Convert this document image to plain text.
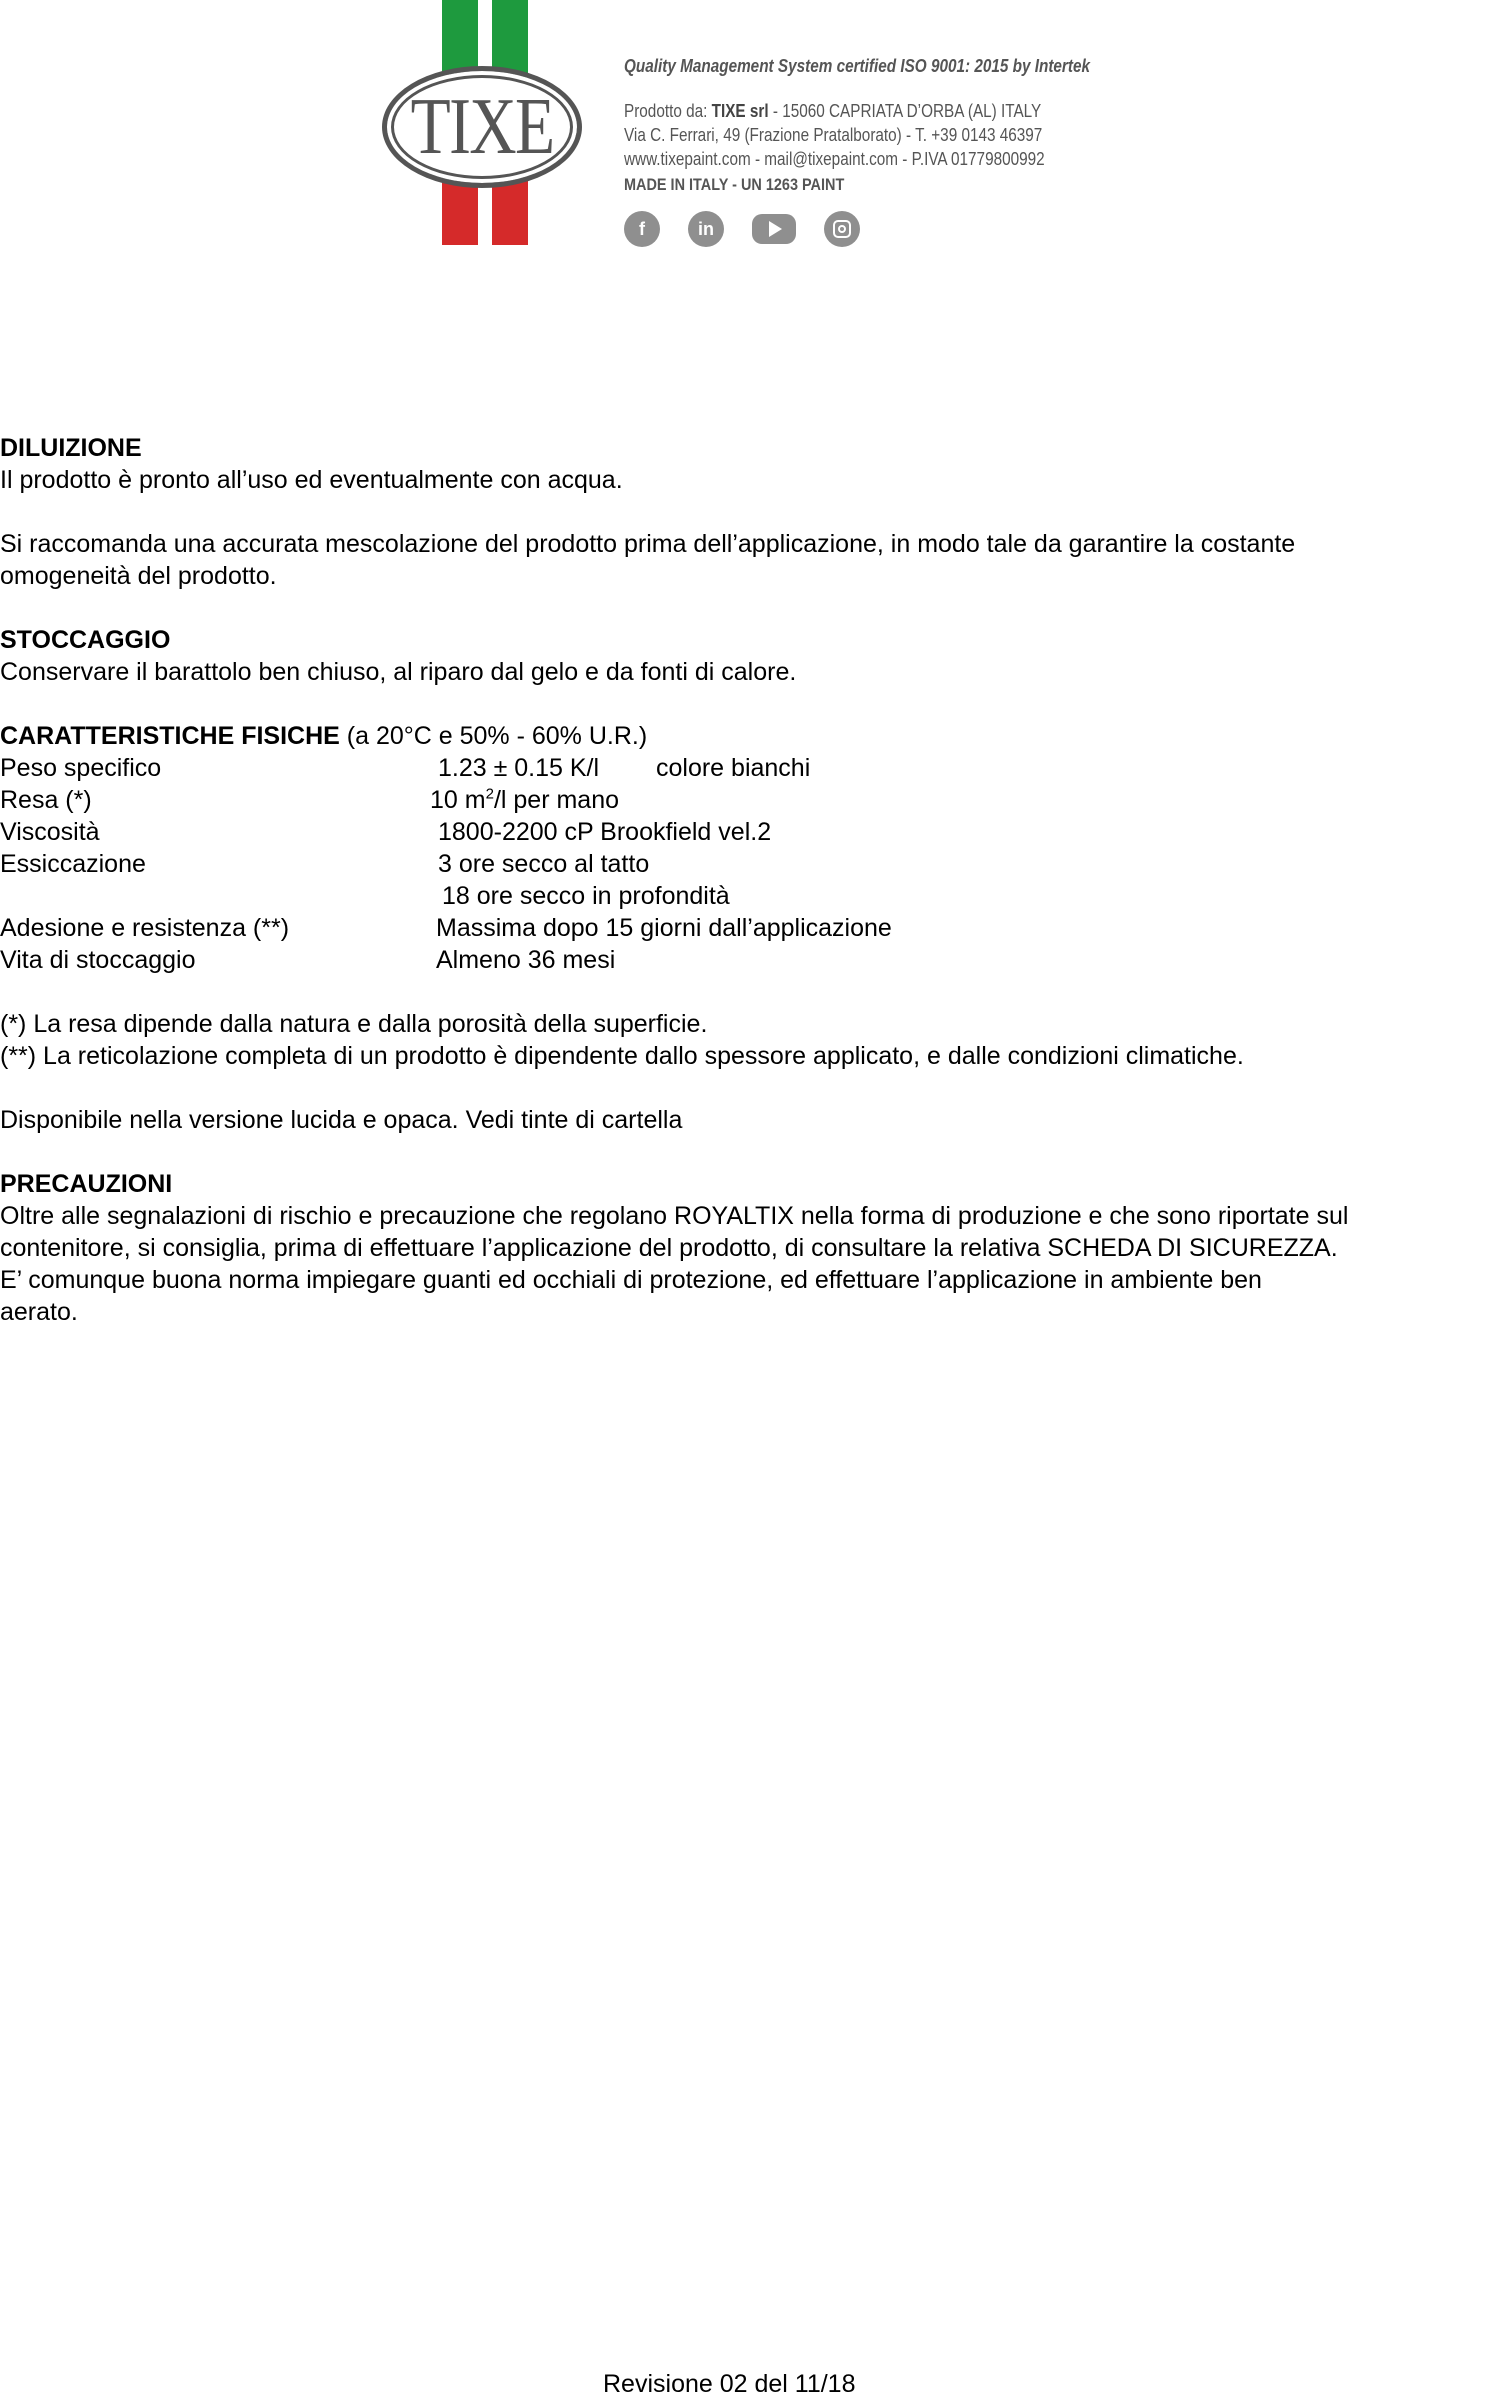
TIXE
Quality Management System certified ISO 9001: 2015 by Intertek
Prodotto da: TIXE srl - 15060 CAPRIATA D’ORBA (AL) ITALY
Via C. Ferrari, 49 (Frazione Pratalborato) - T. +39 0143 46397
www.tixepaint.com - mail@tixepaint.com - P.IVA 01779800992
MADE IN ITALY - UN 1263 PAINT
f	in

DILUIZIONE

Il prodotto è pronto all’uso ed eventualmente con acqua.

Si raccomanda una accurata mescolazione del prodotto prima dell’applicazione, in modo tale da garantire la costante

omogeneità del prodotto.

STOCCAGGIO

Conservare il barattolo ben chiuso, al riparo dal gelo e da fonti di calore.

CARATTERISTICHE FISICHE (a 20°C e 50% - 60% U.R.)

Peso specifico	1.23 ± 0.15 K/l colore bianchi
Resa (*)	10 $m^2/l$ per mano
Viscosità	1800-2200 cP Brookfield vel.2
Essiccazione	3 ore secco al tatto
18 ore secco in profondità
Adesione e resistenza (**)	Massima dopo 15 giorni dall’applicazione
Vita di stoccaggio	Almeno 36 mesi

(*) La resa dipende dalla natura e dalla porosità della superficie.

(**) La reticolazione completa di un prodotto è dipendente dallo spessore applicato, e dalle condizioni climatiche.

Disponibile nella versione lucida e opaca. Vedi tinte di cartella

PRECAUZIONI

Oltre alle segnalazioni di rischio e precauzione che regolano ROYALTIX nella forma di produzione e che sono riportate sul

contenitore, si consiglia, prima di effettuare l’applicazione del prodotto, di consultare la relativa SCHEDA DI SICUREZZA.

E’ comunque buona norma impiegare guanti ed occhiali di protezione, ed effettuare l’applicazione in ambiente ben

aerato.

Revisione 02 del 11/18
